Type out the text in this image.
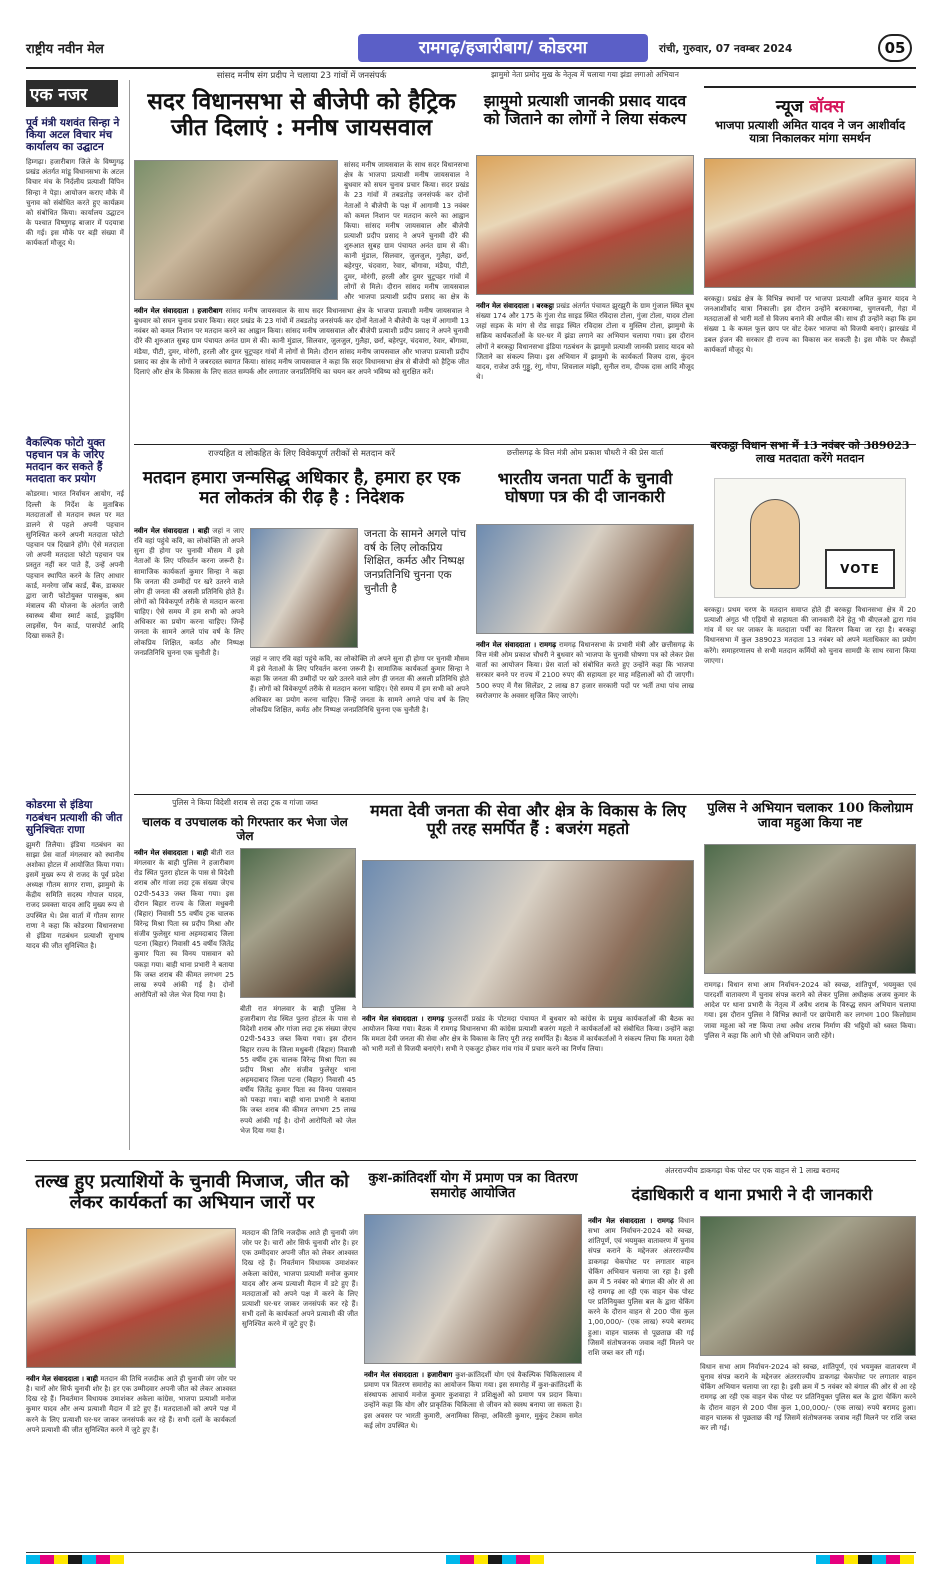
राष्ट्रीय नवीन मेल	रामगढ़/हजारीबाग/ कोडरमा	रांची, गुरुवार, 07 नवम्बर 2024	05
एक नजर
पूर्व मंत्री यशवंत सिन्हा ने किया अटल विचार मंच कार्यालय का उद्घाटन
हिम्गढ़ा। हजारीबाग जिले के विष्णुगढ़ प्रखंड अंतर्गत मांडू विधानसभा के अटल विचार मंच के निर्दलीय प्रत्याशी विपिन सिन्हा ने पेड़ा। आयोजन कराए मौके में चुनाव को संबोधित करते हुए कार्यक्रम को संबोधित किया। कार्यालय उद्घाटन के पश्चात विष्णुगढ़ बाजार में पदयात्रा की गई। इस मौके पर बड़ी संख्या में कार्यकर्ता मौजूद थे।
वैकल्पिक फोटो युक्त पहचान पत्र के जरिए मतदान कर सकते हैं मतदाता कर प्रयोग
कोडरमा। भारत निर्वाचन आयोग, नई दिल्ली के निर्देश के मुताबिक मतदाताओं से मतदान स्थल पर मत डालने से पहले अपनी पहचान सुनिश्चित करने अपनी मतदाता फोटो पहचान पत्र दिखाने होंगे। ऐसे मतदाता जो अपनी मतदाता फोटो पहचान पत्र प्रस्तुत नहीं कर पाते हैं, उन्हें अपनी पहचान स्थापित करने के लिए आधार कार्ड, मनरेगा जॉब कार्ड, बैंक, डाकघर द्वारा जारी फोटोयुक्त पासबुक, श्रम मंत्रालय की योजना के अंतर्गत जारी स्वास्थ्य बीमा स्मार्ट कार्ड, ड्राइविंग लाइसेंस, पैन कार्ड, पासपोर्ट आदि दिखा सकते हैं।
कोडरमा से इंडिया गठबंधन प्रत्याशी की जीत सुनिश्चितः राणा
झुमरी तिलैया। इंडिया गठबंधन का साझा प्रेस वार्ता मंगलवार को स्थानीय अशोका होटल में आयोजित किया गया। इसमें मुख्य रूप से राजद के पूर्व प्रदेश अध्यक्ष गौतम सागर राणा, झामुमो के केंद्रीय समिति सदस्य गोपाल यादव, राजद प्रवक्ता यादव आदि मुख्य रूप से उपस्थित थे। प्रेस वार्ता में गौतम सागर राणा ने कहा कि कोडरमा विधानसभा से इंडिया गठबंधन प्रत्याशी सुभाष यादव की जीत सुनिश्चित है।
सांसद मनीष संग प्रदीप ने चलाया 23 गांवों में जनसंपर्क
सदर विधानसभा से बीजेपी को हैट्रिक जीत दिलाएं : मनीष जायसवाल
सांसद मनीष जायसवाल के साथ सदर विधानसभा क्षेत्र के भाजपा प्रत्याशी मनीष जायसवाल ने बुधवार को सघन चुनाव प्रचार किया। सदर प्रखंड के 23 गांवों में तबडतोड़ जनसंपर्क कर दोनों नेताओं ने बीजेपी के पक्ष में आगामी 13 नवंबर को कमल निशान पर मतदान करने का आह्वान किया। सांसद मनीष जायसवाल और बीजेपी प्रत्याशी प्रदीप प्रसाद ने अपने चुनावी दौरे की शुरुआत सुबह ग्राम पंचायत अनंत ग्राम से की। कानी मुंडाल, सिलवार, जुलजुल, गुलैहा, छर्रा, बहेरपुर, चंदवारा, रेवार, बोंगावा, मंडैया, पीटी, दुमर, मोरंगी, हरली और दुमर चुटूपहर गांवों में लोगों से मिले। दौरान सांसद मनीष जायसवाल और भाजपा प्रत्याशी प्रदीप प्रसाद का क्षेत्र के
नवीन मेल संवाददाता । हजारीबाग सांसद मनीष जायसवाल के साथ सदर विधानसभा क्षेत्र के भाजपा प्रत्याशी मनीष जायसवाल ने बुधवार को सघन चुनाव प्रचार किया। सदर प्रखंड के 23 गांवों में तबडतोड़ जनसंपर्क कर दोनों नेताओं ने बीजेपी के पक्ष में आगामी 13 नवंबर को कमल निशान पर मतदान करने का आह्वान किया। सांसद मनीष जायसवाल और बीजेपी प्रत्याशी प्रदीप प्रसाद ने अपने चुनावी दौरे की शुरुआत सुबह ग्राम पंचायत अनंत ग्राम से की। कानी मुंडाल, सिलवार, जुलजुल, गुलैहा, छर्रा, बहेरपुर, चंदवारा, रेवार, बोंगावा, मंडैया, पीटी, दुमर, मोरंगी, हरली और दुमर चुटूपहर गांवों में लोगों से मिले। दौरान सांसद मनीष जायसवाल और भाजपा प्रत्याशी प्रदीप प्रसाद का क्षेत्र के लोगों ने जबरदस्त स्वागत किया। सांसद मनीष जायसवाल ने कहा कि सदर विधानसभा क्षेत्र से बीजेपी को हैट्रिक जीत दिलाएं और क्षेत्र के विकास के लिए सतत सम्पर्क और लगातार जनप्रतिनिधि का चयन कर अपने भविष्य को सुरक्षित करें।
झामुमो नेता प्रमोद मुख के नेतृत्व में चलाया गया झंडा लगाओ अभियान
झामुमो प्रत्याशी जानकी प्रसाद यादव को जिताने का लोगों ने लिया संकल्प
नवीन मेल संवाददाता । बरकट्ठा प्रखंड अंतर्गत पंचायत झुरझुरी के ग्राम गुंजाल स्थित बूथ संख्या 174 और 175 के गुंजा रोड साइड स्थित रविदास टोला, गुंजा टोला, यादव टोला जहां सड़क के मांग से रोड साइड स्थित रविदास टोला व मुस्लिम टोला, झामुमो के सक्रिय कार्यकर्ताओं के घर-घर में झंडा लगाने का अभियान चलाया गया। इस दौरान लोगों ने बरकट्ठा विधानसभा इंडिया गठबंधन के झामुमो प्रत्याशी जानकी प्रसाद यादव को जिताने का संकल्प लिया। इस अभियान में झामुमो के कार्यकर्ता विजय दास, कुंदन यादव, राजेश उर्फ गुड्डू, रंगु, गोपा, शिवलाल मांझी, सुनील राम, दीपक दास आदि मौजूद थे।
न्यूज बॉक्स
भाजपा प्रत्याशी अमित यादव ने जन आशीर्वाद यात्रा निकालकर मांगा समर्थन
बरकट्ठा। प्रखंड क्षेत्र के विभिन्न स्थानों पर भाजपा प्रत्याशी अमित कुमार यादव ने जनआशीर्वाद यात्रा निकाली। इस दौरान उन्होंने बरकागम्बा, चुगलवली, गेहा में मतदाताओं से भारी मतों से विजय बनाने की अपील की। साथ ही उन्होंने कहा कि हम संख्या 1 के कमल फूल छाप पर वोट देकर भाजपा को विजयी बनाएं। झारखंड में डबल इंजन की सरकार ही राज्य का विकास कर सकती है। इस मौके पर सैकड़ों कार्यकर्ता मौजूद थे।
राज्यहित व लोकहित के लिए विवेकपूर्ण तरीकों से मतदान करें
मतदान हमारा जन्मसिद्ध अधिकार है, हमारा हर एक मत लोकतंत्र की रीढ़ है : निदेशक
नवीन मेल संवाददाता । बाही जहां न जाए रवि वहां पहुंचे कवि, का लोकोक्ति तो अपने सुना ही होगा पर चुनावी मौसम में इसे नेताओं के लिए परिवर्तन करना जरूरी है। सामाजिक कार्यकर्ता कुमार सिन्हा ने कहा कि जनता की उम्मीदों पर खरे उतरने वाले लोग ही जनता की असली प्रतिनिधि होते हैं। लोगों को विवेकपूर्ण तरीके से मतदान करना चाहिए। ऐसे समय में हम सभी को अपने अधिकार का प्रयोग करना चाहिए। जिन्हें जनता के सामने अगले पांच वर्ष के लिए लोकप्रिय शिक्षित, कर्मठ और निष्पक्ष जनप्रतिनिधि चुनना एक चुनौती है।
जनता के सामने अगले पांच वर्ष के लिए लोकप्रिय शिक्षित, कर्मठ और निष्पक्ष जनप्रतिनिधि चुनना एक चुनौती है
जहां न जाए रवि वहां पहुंचे कवि, का लोकोक्ति तो अपने सुना ही होगा पर चुनावी मौसम में इसे नेताओं के लिए परिवर्तन करना जरूरी है। सामाजिक कार्यकर्ता कुमार सिन्हा ने कहा कि जनता की उम्मीदों पर खरे उतरने वाले लोग ही जनता की असली प्रतिनिधि होते हैं। लोगों को विवेकपूर्ण तरीके से मतदान करना चाहिए। ऐसे समय में हम सभी को अपने अधिकार का प्रयोग करना चाहिए। जिन्हें जनता के सामने अगले पांच वर्ष के लिए लोकप्रिय शिक्षित, कर्मठ और निष्पक्ष जनप्रतिनिधि चुनना एक चुनौती है।
छत्तीसगढ़ के वित्त मंत्री ओम प्रकाश चौधरी ने की प्रेस वार्ता
भारतीय जनता पार्टी के चुनावी घोषणा पत्र की दी जानकारी
नवीन मेल संवाददाता । रामगढ़ रामगढ़ विधानसभा के प्रभारी मंत्री और छत्तीसगढ़ के वित्त मंत्री ओम प्रकाश चौधरी ने बुधवार को भाजपा के चुनावी घोषणा पत्र को लेकर प्रेस वार्ता का आयोजन किया। प्रेस वार्ता को संबोधित करते हुए उन्होंने कहा कि भाजपा सरकार बनने पर राज्य में 2100 रुपए की सहायता हर माह महिलाओं को दी जाएगी। 500 रुपए में गैस सिलेंडर, 2 लाख 87 हजार सरकारी पदों पर भर्ती तथा पांच लाख स्वरोजगार के अवसर सृजित किए जाएंगे।
बरकट्ठा विधान सभा में 13 नवंबर को 389023 लाख मतदाता करेंगे मतदान
VOTE
बरकट्ठा। प्रथम चरण के मतदान समाप्त होते ही बरकट्ठा विधानसभा क्षेत्र में 20 प्रत्याशी अंगूठ भी एड़ियों से सहायता की जानकारी देने हेतु भी बीएलओ द्वारा गांव गांव में घर घर जाकर के मतदाता पर्ची का वितरण किया जा रहा है। बरकट्ठा विधानसभा में कुल 389023 मतदाता 13 नवंबर को अपने मताधिकार का प्रयोग करेंगे। समाहरणालय से सभी मतदान कर्मियों को चुनाव सामग्री के साथ रवाना किया जाएगा।
पुलिस ने किया विदेशी शराब से लदा ट्रक व गांजा जब्त
चालक व उपचालक को गिरफ्तार कर भेजा जेल जेल
नवीन मेल संवाददाता । बाही बीती रात मंगलवार के बाही पुलिस ने हजारीबाग रोड स्थित पुतरा होटल के पास से विदेशी शराब और गांजा लदा ट्रक संख्या जेएच 02पी-5433 जब्त किया गया। इस दौरान बिहार राज्य के जिला मधुबनी (बिहार) निवासी 55 वर्षीय ट्रक चालक विरेन्द्र मिश्रा पिता स्व प्रदीप मिश्रा और संजीव फुलेसुर थाना अहमदाबाद जिला पटना (बिहार) निवासी 45 वर्षीय जितेंद्र कुमार पिता स्व विनय पासवान को पकड़ा गया। बाही थाना प्रभारी ने बताया कि जब्त शराब की कीमत लगभग 25 लाख रुपये आंकी गई है। दोनों आरोपितों को जेल भेज दिया गया है।
बीती रात मंगलवार के बाही पुलिस ने हजारीबाग रोड स्थित पुतरा होटल के पास से विदेशी शराब और गांजा लदा ट्रक संख्या जेएच 02पी-5433 जब्त किया गया। इस दौरान बिहार राज्य के जिला मधुबनी (बिहार) निवासी 55 वर्षीय ट्रक चालक विरेन्द्र मिश्रा पिता स्व प्रदीप मिश्रा और संजीव फुलेसुर थाना अहमदाबाद जिला पटना (बिहार) निवासी 45 वर्षीय जितेंद्र कुमार पिता स्व विनय पासवान को पकड़ा गया। बाही थाना प्रभारी ने बताया कि जब्त शराब की कीमत लगभग 25 लाख रुपये आंकी गई है। दोनों आरोपितों को जेल भेज दिया गया है।
ममता देवी जनता की सेवा और क्षेत्र के विकास के लिए पूरी तरह समर्पित हैं : बजरंग महतो
नवीन मेल संवाददाता । रामगढ़ फुलसर्दी प्रखंड के पोटमदा पंचायत में बुधवार को कांग्रेस के प्रमुख कार्यकर्ताओं की बैठक का आयोजन किया गया। बैठक में रामगढ़ विधानसभा की कांग्रेस प्रत्याशी बजरंग महतो ने कार्यकर्ताओं को संबोधित किया। उन्होंने कहा कि ममता देवी जनता की सेवा और क्षेत्र के विकास के लिए पूरी तरह समर्पित हैं। बैठक में कार्यकर्ताओं ने संकल्प लिया कि ममता देवी को भारी मतों से विजयी बनाएंगे। सभी ने एकजुट होकर गांव गांव में प्रचार करने का निर्णय लिया।
पुलिस ने अभियान चलाकर 100 किलोग्राम जावा महुआ किया नष्ट
रामगढ़। विधान सभा आम निर्वाचन-2024 को स्वच्छ, शांतिपूर्ण, भयमुक्त एवं पारदर्शी वातावरण में चुनाव संपन्न कराने को लेकर पुलिस अधीक्षक अजय कुमार के आदेश पर थाना प्रभारी के नेतृत्व में अवैध शराब के विरुद्ध सघन अभियान चलाया गया। इस दौरान पुलिस ने विभिन्न स्थानों पर छापेमारी कर लगभग 100 किलोग्राम जावा महुआ को नष्ट किया तथा अवैध शराब निर्माण की भट्ठियों को ध्वस्त किया। पुलिस ने कहा कि आगे भी ऐसे अभियान जारी रहेंगे।
तल्ख हुए प्रत्याशियों के चुनावी मिजाज, जीत को लेकर कार्यकर्ता का अभियान जारों पर
मतदान की तिथि नजदीक आते ही चुनावी जंग जोर पर है। चारों ओर सिर्फ चुनावी शोर है। हर एक उम्मीदवार अपनी जीत को लेकर आश्वस्त दिख रहे हैं। निवर्तमान विधायक उमाशंकर अकेला कांग्रेस, भाजपा प्रत्याशी मनोज कुमार यादव और अन्य प्रत्याशी मैदान में डटे हुए हैं। मतदाताओं को अपने पक्ष में करने के लिए प्रत्याशी घर-घर जाकर जनसंपर्क कर रहे हैं। सभी दलों के कार्यकर्ता अपने प्रत्याशी की जीत सुनिश्चित करने में जुटे हुए हैं।
नवीन मेल संवाददाता । बाही मतदान की तिथि नजदीक आते ही चुनावी जंग जोर पर है। चारों ओर सिर्फ चुनावी शोर है। हर एक उम्मीदवार अपनी जीत को लेकर आश्वस्त दिख रहे हैं। निवर्तमान विधायक उमाशंकर अकेला कांग्रेस, भाजपा प्रत्याशी मनोज कुमार यादव और अन्य प्रत्याशी मैदान में डटे हुए हैं। मतदाताओं को अपने पक्ष में करने के लिए प्रत्याशी घर-घर जाकर जनसंपर्क कर रहे हैं। सभी दलों के कार्यकर्ता अपने प्रत्याशी की जीत सुनिश्चित करने में जुटे हुए हैं।
कुश-क्रांतिदर्शी योग में प्रमाण पत्र का वितरण समारोह आयोजित
नवीन मेल संवाददाता । हजारीबाग कुश-क्रांतिदर्शी योग एवं वैकल्पिक चिकित्सालय में प्रमाण पत्र वितरण समारोह का आयोजन किया गया। इस समारोह में कुश-क्रांतिदर्शी के संस्थापक आचार्य मनोज कुमार कुशवाहा ने प्रशिक्षुओं को प्रमाण पत्र प्रदान किया। उन्होंने कहा कि योग और प्राकृतिक चिकित्सा से जीवन को स्वस्थ बनाया जा सकता है। इस अवसर पर भारती कुमारी, अनामिका सिन्हा, अविरती कुमार, मुकुंद टेकाम समेत कई लोग उपस्थित थे।
अंतरराज्यीय डाकगढ़ा चेक पोस्ट पर एक वाहन से 1 लाख बरामद
दंडाधिकारी व थाना प्रभारी ने दी जानकारी
नवीन मेल संवाददाता । रामगढ़ विधान सभा आम निर्वाचन-2024 को स्वच्छ, शांतिपूर्ण, एवं भयमुक्त वातावरण में चुनाव संपन्न कराने के मद्देनजर अंतरराज्यीय डाकगढ़ा चेकपोस्ट पर लगातार वाहन चेकिंग अभियान चलाया जा रहा है। इसी क्रम में 5 नवंबर को बंगाल की ओर से आ रहे रामगढ़ आ रही एक वाहन चेक पोस्ट पर प्रतिनियुक्त पुलिस बल के द्वारा चेकिंग करने के दौरान वाहन से 200 पीस कुल 1,00,000/- (एक लाख) रुपये बरामद हुआ। वाहन चालक से पूछताछ की गई जिसमें संतोषजनक जवाब नहीं मिलने पर राशि जब्त कर ली गई।
विधान सभा आम निर्वाचन-2024 को स्वच्छ, शांतिपूर्ण, एवं भयमुक्त वातावरण में चुनाव संपन्न कराने के मद्देनजर अंतरराज्यीय डाकगढ़ा चेकपोस्ट पर लगातार वाहन चेकिंग अभियान चलाया जा रहा है। इसी क्रम में 5 नवंबर को बंगाल की ओर से आ रहे रामगढ़ आ रही एक वाहन चेक पोस्ट पर प्रतिनियुक्त पुलिस बल के द्वारा चेकिंग करने के दौरान वाहन से 200 पीस कुल 1,00,000/- (एक लाख) रुपये बरामद हुआ। वाहन चालक से पूछताछ की गई जिसमें संतोषजनक जवाब नहीं मिलने पर राशि जब्त कर ली गई।
